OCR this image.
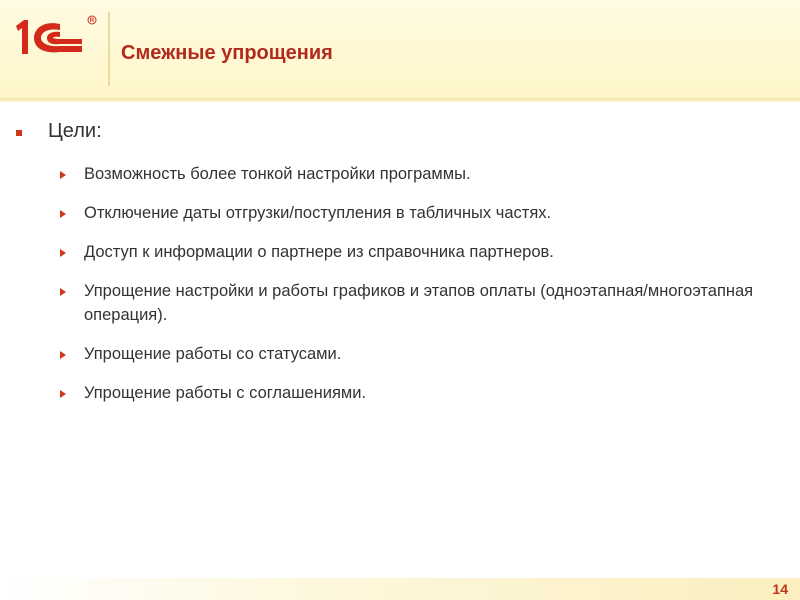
Смежные упрощения
Цели:
Возможность более тонкой настройки программы.
Отключение даты отгрузки/поступления в табличных частях.
Доступ к информации о партнере из справочника партнеров.
Упрощение настройки и работы графиков и этапов оплаты (одноэтапная/многоэтапная операция).
Упрощение работы со статусами.
Упрощение работы с соглашениями.
14
